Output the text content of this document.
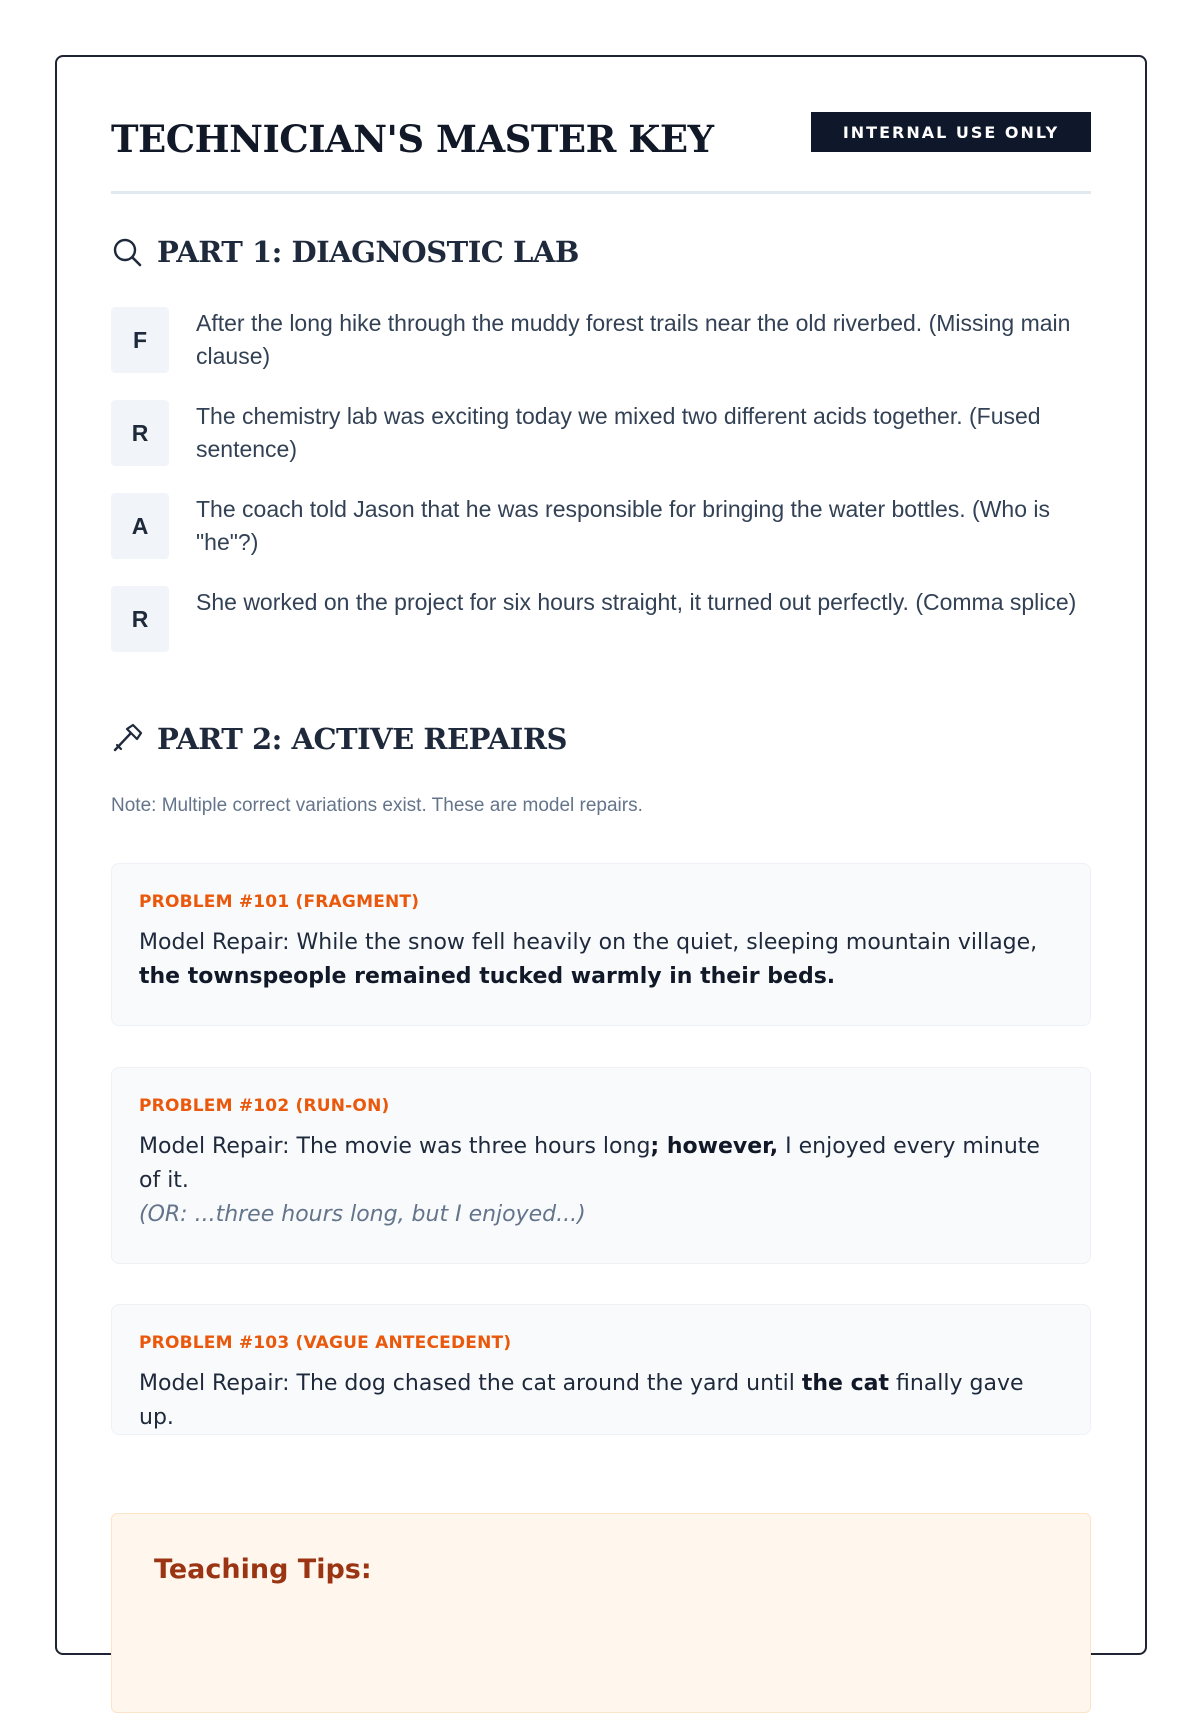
TECHNICIAN'S MASTER KEY	INTERNAL USE ONLY
PART 1: DIAGNOSTIC LAB
F
After the long hike through the muddy forest trails near the old riverbed. (Missing main clause)
R
The chemistry lab was exciting today we mixed two different acids together. (Fused sentence)
A
The coach told Jason that he was responsible for bringing the water bottles. (Who is "he"?)
R
She worked on the project for six hours straight, it turned out perfectly. (Comma splice)
PART 2: ACTIVE REPAIRS
Note: Multiple correct variations exist. These are model repairs.
PROBLEM #101 (FRAGMENT)
Model Repair: While the snow fell heavily on the quiet, sleeping mountain village, the townspeople remained tucked warmly in their beds.
PROBLEM #102 (RUN-ON)
Model Repair: The movie was three hours long; however, I enjoyed every minute of it.
(OR: ...three hours long, but I enjoyed...)
PROBLEM #103 (VAGUE ANTECEDENT)
Model Repair: The dog chased the cat around the yard until the cat finally gave up.
Teaching Tips:
